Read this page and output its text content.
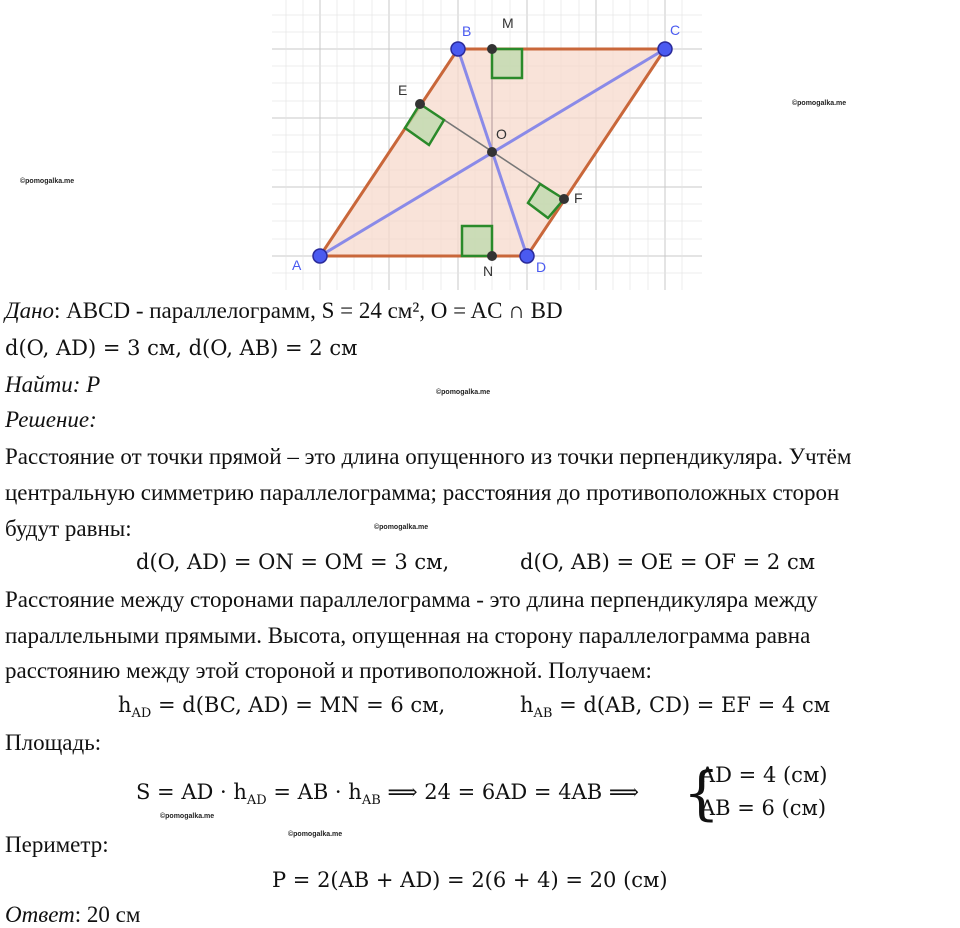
A
B	C
D
M
E
O
F
N
©pomogalka.me
©pomogalka.me
©pomogalka.me
©pomogalka.me
©pomogalka.me
©pomogalka.me
Дано: ABCD - параллелограмм, S = 24 см², O = AC ∩ BD
d(O, AD) = 3 см, d(O, AB) = 2 см
Найти: P
Решение:
Расстояние от точки прямой – это длина опущенного из точки перпендикуляра. Учтём
центральную симметрию параллелограмма; расстояния до противоположных сторон
будут равны:
d(O, AD) = ON = OM = 3 см,	d(O, AB) = OE = OF = 2 см
Расстояние между сторонами параллелограмма - это длина перпендикуляра между
параллельными прямыми. Высота, опущенная на сторону параллелограмма равна
расстоянию между этой стороной и противоположной. Получаем:
$h_{AD} = d(BC$, AD) = MN = 6 см,	$h_{AB} = d(AB$, CD) = EF = 4 см
Площадь:
S = AD · $h_{AD}$ = AB · $h_{AB}$ ⟹ 24 = 6AD = 4AB ⟹ {
AD = 4 (см)
AB = 6 (см)
Периметр:
P = 2(AB + AD) = 2(6 + 4) = 20 (см)
Ответ: 20 см
